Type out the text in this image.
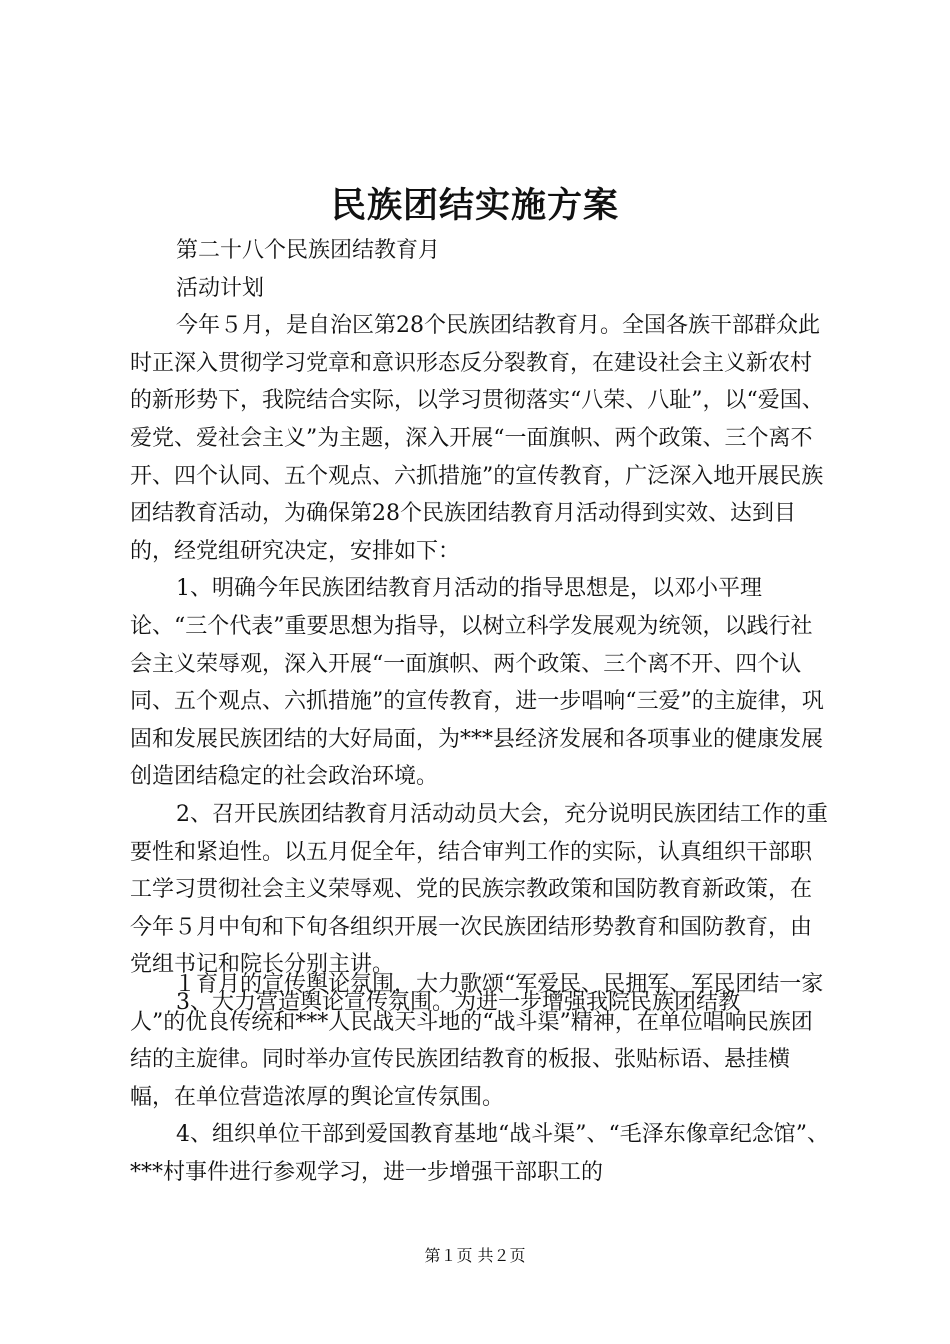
民族团结实施方案

第二十八个民族团结教育月

活动计划

今年５月，是自治区第28个民族团结教育月。全国各族干部群众此时正深入贯彻学习党章和意识形态反分裂教育，在建设社会主义新农村的新形势下，我院结合实际，以学习贯彻落实“八荣、八耻”，以“爱国、爱党、爱社会主义”为主题，深入开展“一面旗帜、两个政策、三个离不开、四个认同、五个观点、六抓措施”的宣传教育，广泛深入地开展民族团结教育活动，为确保第28个民族团结教育月活动得到实效、达到目的，经党组研究决定，安排如下：

1、明确今年民族团结教育月活动的指导思想是，以邓小平理论、“三个代表”重要思想为指导，以树立科学发展观为统领，以践行社会主义荣辱观，深入开展“一面旗帜、两个政策、三个离不开、四个认同、五个观点、六抓措施”的宣传教育，进一步唱响“三爱”的主旋律，巩固和发展民族团结的大好局面，为***县经济发展和各项事业的健康发展创造团结稳定的社会政治环境。

2、召开民族团结教育月活动动员大会，充分说明民族团结工作的重要性和紧迫性。以五月促全年，结合审判工作的实际，认真组织干部职工学习贯彻社会主义荣辱观、党的民族宗教政策和国防教育新政策，在今年５月中旬和下旬各组织开展一次民族团结形势教育和国防教育，由党组书记和院长分别主讲。

3、大力营造舆论宣传氛围。为进一步增强我院民族团结教

１育月的宣传舆论氛围，大力歌颂“军爱民、民拥军、军民团结一家人”的优良传统和***人民战天斗地的“战斗渠”精神，在单位唱响民族团结的主旋律。同时举办宣传民族团结教育的板报、张贴标语、悬挂横幅，在单位营造浓厚的舆论宣传氛围。

4、组织单位干部到爱国教育基地“战斗渠”、“毛泽东像章纪念馆”、***村事件进行参观学习，进一步增强干部职工的

第１页 共２页
